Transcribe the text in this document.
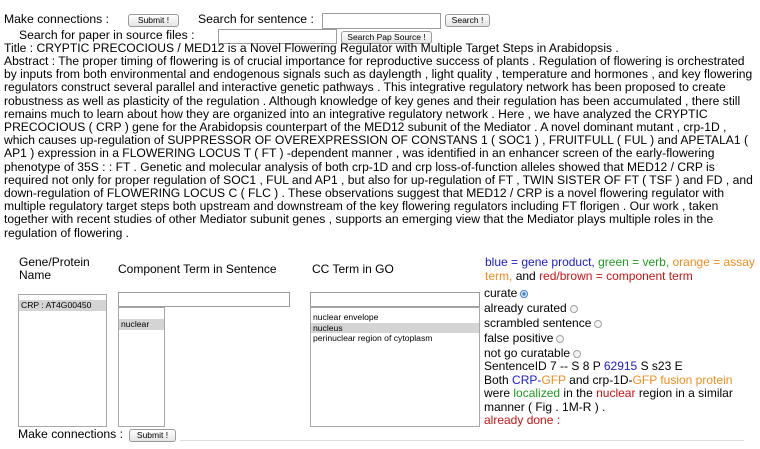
Make connections :	Submit !	Search for sentence :	Search !
Search for paper in source files :	Search Pap Source !
Title : CRYPTIC PRECOCIOUS / MED12 is a Novel Flowering Regulator with Multiple Target Steps in Arabidopsis .
Abstract : The proper timing of flowering is of crucial importance for reproductive success of plants . Regulation of flowering is orchestrated by inputs from both environmental and endogenous signals such as daylength , light quality , temperature and hormones , and key flowering regulators construct several parallel and interactive genetic pathways . This integrative regulatory network has been proposed to create robustness as well as plasticity of the regulation . Although knowledge of key genes and their regulation has been accumulated , there still remains much to learn about how they are organized into an integrative regulatory network . Here , we have analyzed the CRYPTIC PRECOCIOUS ( CRP ) gene for the Arabidopsis counterpart of the MED12 subunit of the Mediator . A novel dominant mutant , crp-1D , which causes up-regulation of SUPPRESSOR OF OVEREXPRESSION OF CONSTANS 1 ( SOC1 ) , FRUITFULL ( FUL ) and APETALA1 ( AP1 ) expression in a FLOWERING LOCUS T ( FT ) -dependent manner , was identified in an enhancer screen of the early-flowering phenotype of 35S : : FT . Genetic and molecular analysis of both crp-1D and crp loss-of-function alleles showed that MED12 / CRP is required not only for proper regulation of SOC1 , FUL and AP1 , but also for up-regulation of FT , TWIN SISTER OF FT ( TSF ) and FD , and down-regulation of FLOWERING LOCUS C ( FLC ) . These observations suggest that MED12 / CRP is a novel flowering regulator with multiple regulatory target steps both upstream and downstream of the key flowering regulators including FT florigen . Our work , taken together with recent studies of other Mediator subunit genes , supports an emerging view that the Mediator plays multiple roles in the regulation of flowering .
Gene/Protein Name	Component Term in Sentence	CC Term in GO	blue = gene product, green = verb, orange = assay term, and red/brown = component term
CRP : AT4G00450
nuclear
nuclear envelope
nucleus
perinuclear region of cytoplasm
curate
already curated
scrambled sentence
false positive
not go curatable
SentenceID 7 -- S 8 P 62915 S s23 E
Both CRP-GFP and crp-1D-GFP fusion protein were localized in the nuclear region in a similar manner ( Fig . 1M-R ) .
already done :
Make connections :	Submit !
